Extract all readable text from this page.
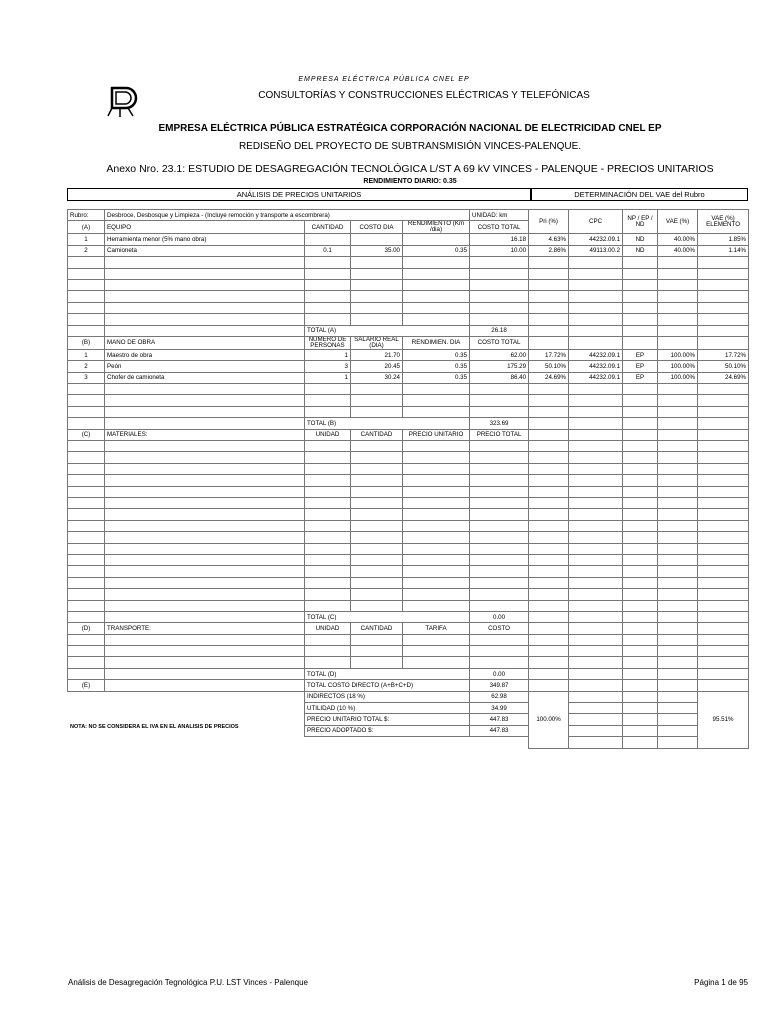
EMPRESA ELÉCTRICA PÚBLICA CNEL EP
CONSULTORÍAS Y CONSTRUCCIONES ELÉCTRICAS Y TELEFÓNICAS
EMPRESA ELÉCTRICA PÚBLICA ESTRATÉGICA CORPORACIÓN NACIONAL DE ELECTRICIDAD CNEL EP
REDISEÑO DEL PROYECTO DE SUBTRANSMISIÓN VINCES-PALENQUE.
Anexo Nro. 23.1: ESTUDIO DE DESAGREGACIÓN TECNOLÓGICA L/ST A 69 kV VINCES - PALENQUE - PRECIOS UNITARIOS
RENDIMIENTO DIARIO: 0.35
ANÁLISIS DE PRECIOS UNITARIOS	DETERMINACIÓN DEL VAE del Rubro
Rubro:	Desbroce, Desbosque y Limpieza - (Incluye remoción y transporte a escombrera)				UNIDAD: km	Pri (%)	CPC	NP / EP / ND	VAE (%)	VAE (%) ELEMENTO
(A)	EQUIPO	CANTIDAD	COSTO DIA	RENDIMIENTO (Km /dia)	COSTO TOTAL					
1	Herramienta menor (5% mano obra)				16.18	4.63%	44232.09.1	ND	40.00%	1.85%
2	Camioneta	0.1	35.00	0.35	10.00	2.86%	49113.00.2	ND	40.00%	1.14%

		TOTAL (A)			26.18					
(B)	MANO DE OBRA	NUMERO DE PERSONAS	SALARIO REAL (DIA)	RENDIMIEN. DIA	COSTO TOTAL					
1	Maestro de obra	1	21.70	0.35	62.00	17.72%	44232.09.1	EP	100.00%	17.72%
2	Peón	3	20.45	0.35	175.29	50.10%	44232.09.1	EP	100.00%	50.10%
3	Chofer de camioneta	1	30.24	0.35	86.40	24.69%	44232.09.1	EP	100.00%	24.69%

		TOTAL (B)			323.69					
(C)	MATERIALES:	UNIDAD	CANTIDAD	PRECIO UNITARIO	PRECIO TOTAL					

		TOTAL (C)			0.00					
(D)	TRANSPORTE:	UNIDAD	CANTIDAD	TARIFA	COSTO					

		TOTAL (D)			0.00					
(E)		TOTAL COSTO DIRECTO (A+B+C+D)			349.87					
		INDIRECTOS (18 %)			62.98	100.00%				95.51%
		UTILIDAD (10 %)			34.99					
		PRECIO UNITARIO TOTAL $:			447.83					
		PRECIO ADOPTADO $:			447.83					

NOTA: NO SE CONSIDERA EL IVA EN EL ANALISIS DE PRECIOS
Análisis de Desagregación Tegnológica P.U. LST Vinces - Palenque	Página 1 de 95
